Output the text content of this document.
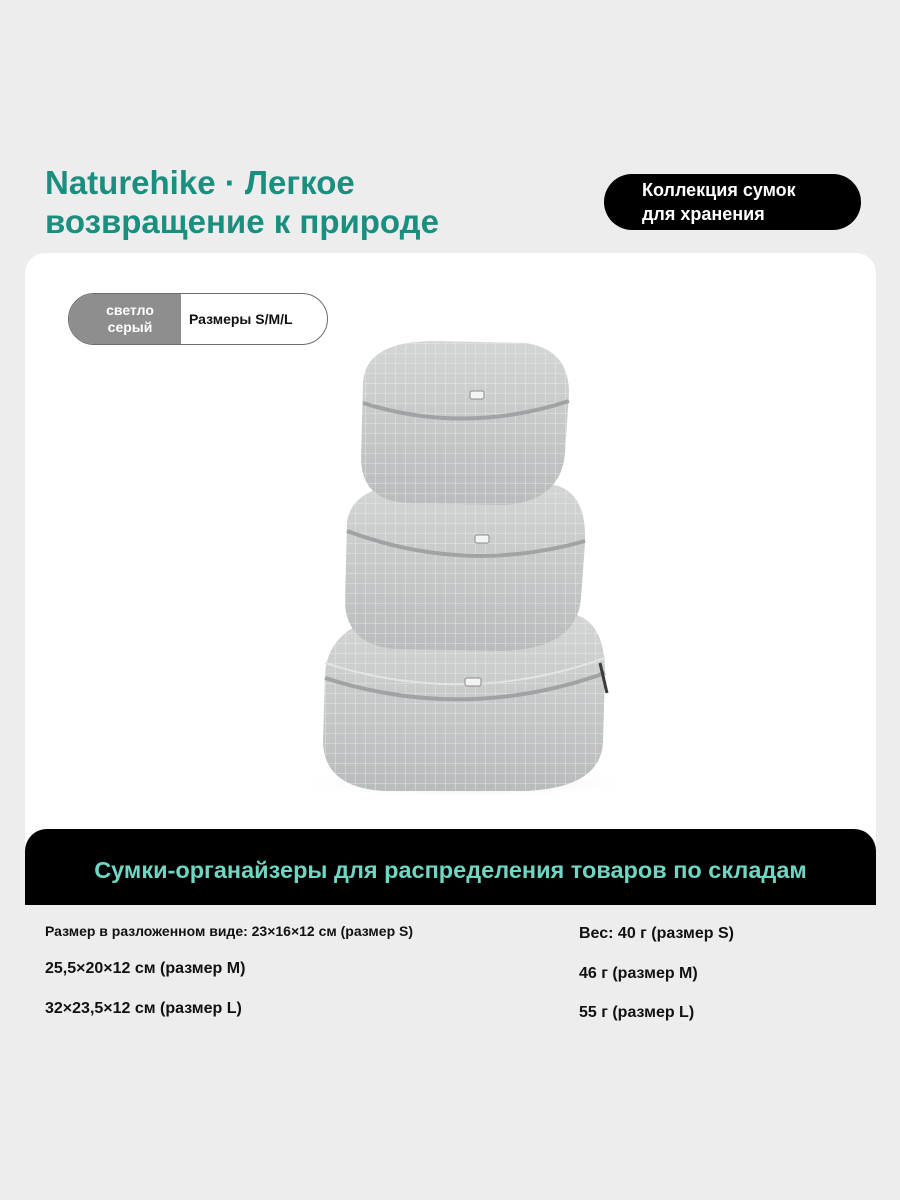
Naturehike · Легкое
возвращение к природе
Коллекция сумок
для хранения
светло
серый	Размеры S/M/L
Сумки-органайзеры для распределения товаров по складам
Размер в разложенном виде: 23×16×12 см (размер S)
25,5×20×12 см (размер M)
32×23,5×12 см (размер L)
Вес: 40 г (размер S)
46 г (размер M)
55 г (размер L)
